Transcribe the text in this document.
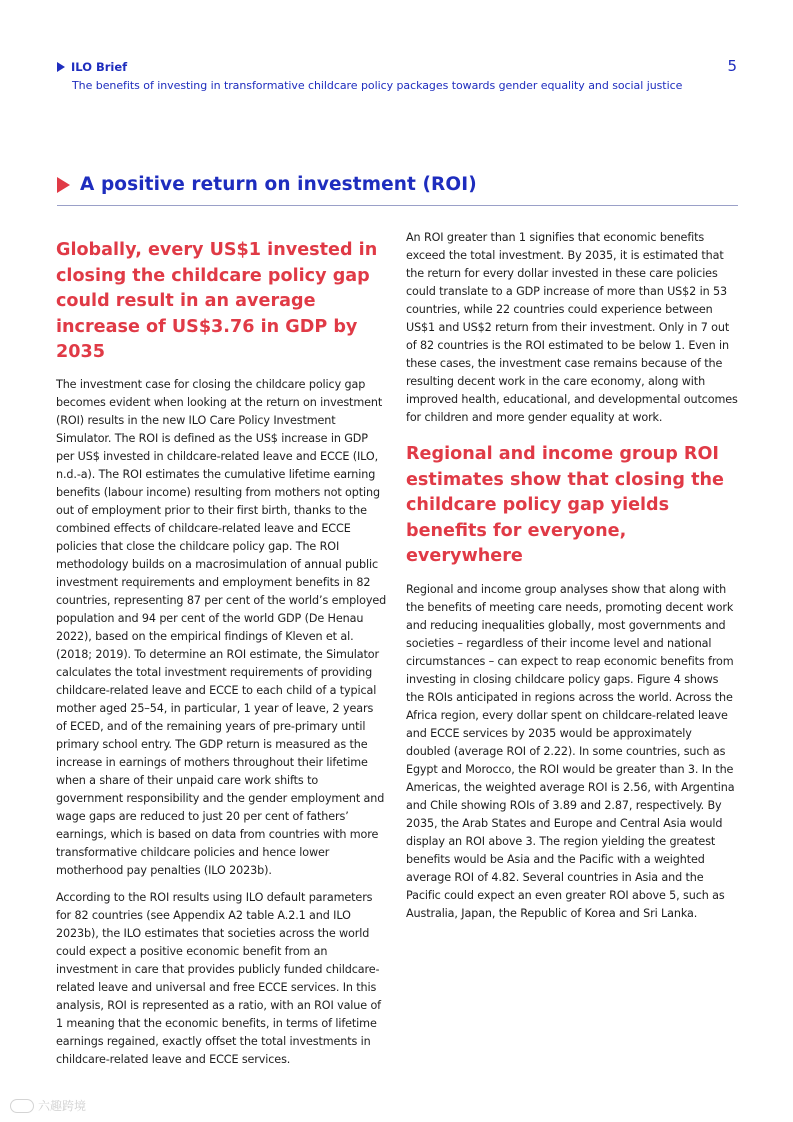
ILO Brief
The benefits of investing in transformative childcare policy packages towards gender equality and social justice
5
A positive return on investment (ROI)
Globally, every US$1 invested in closing the childcare policy gap could result in an average increase of US$3.76 in GDP by 2035

The investment case for closing the childcare policy gap becomes evident when looking at the return on investment (ROI) results in the new ILO Care Policy Investment Simulator. The ROI is defined as the US$ increase in GDP per US$ invested in childcare-related leave and ECCE (ILO, n.d.-a). The ROI estimates the cumulative lifetime earning benefits (labour income) resulting from mothers not opting out of employment prior to their first birth, thanks to the combined effects of childcare-related leave and ECCE policies that close the childcare policy gap. The ROI methodology builds on a macrosimulation of annual public investment requirements and employment benefits in 82 countries, representing 87 per cent of the world’s employed population and 94 per cent of the world GDP (De Henau 2022), based on the empirical findings of Kleven et al. (2018; 2019). To determine an ROI estimate, the Simulator calculates the total investment requirements of providing childcare-related leave and ECCE to each child of a typical mother aged 25–54, in particular, 1 year of leave, 2 years of ECED, and of the remaining years of pre-primary until primary school entry. The GDP return is measured as the increase in earnings of mothers throughout their lifetime when a share of their unpaid care work shifts to government responsibility and the gender employment and wage gaps are reduced to just 20 per cent of fathers’ earnings, which is based on data from countries with more transformative childcare policies and hence lower motherhood pay penalties (ILO 2023b).

According to the ROI results using ILO default parameters for 82 countries (see Appendix A2 table A.2.1 and ILO 2023b), the ILO estimates that societies across the world could expect a positive economic benefit from an investment in care that provides publicly funded childcare-related leave and universal and free ECCE services. In this analysis, ROI is represented as a ratio, with an ROI value of 1 meaning that the economic benefits, in terms of lifetime earnings regained, exactly offset the total investments in childcare-related leave and ECCE services.

An ROI greater than 1 signifies that economic benefits exceed the total investment. By 2035, it is estimated that the return for every dollar invested in these care policies could translate to a GDP increase of more than US$2 in 53 countries, while 22 countries could experience between US$1 and US$2 return from their investment. Only in 7 out of 82 countries is the ROI estimated to be below 1. Even in these cases, the investment case remains because of the resulting decent work in the care economy, along with improved health, educational, and developmental outcomes for children and more gender equality at work.

Regional and income group ROI estimates show that closing the childcare policy gap yields benefits for everyone, everywhere

Regional and income group analyses show that along with the benefits of meeting care needs, promoting decent work and reducing inequalities globally, most governments and societies – regardless of their income level and national circumstances – can expect to reap economic benefits from investing in closing childcare policy gaps. Figure 4 shows the ROIs anticipated in regions across the world. Across the Africa region, every dollar spent on childcare-related leave and ECCE services by 2035 would be approximately doubled (average ROI of 2.22). In some countries, such as Egypt and Morocco, the ROI would be greater than 3. In the Americas, the weighted average ROI is 2.56, with Argentina and Chile showing ROIs of 3.89 and 2.87, respectively. By 2035, the Arab States and Europe and Central Asia would display an ROI above 3. The region yielding the greatest benefits would be Asia and the Pacific with a weighted average ROI of 4.82. Several countries in Asia and the Pacific could expect an even greater ROI above 5, such as Australia, Japan, the Republic of Korea and Sri Lanka.

六趣跨境
